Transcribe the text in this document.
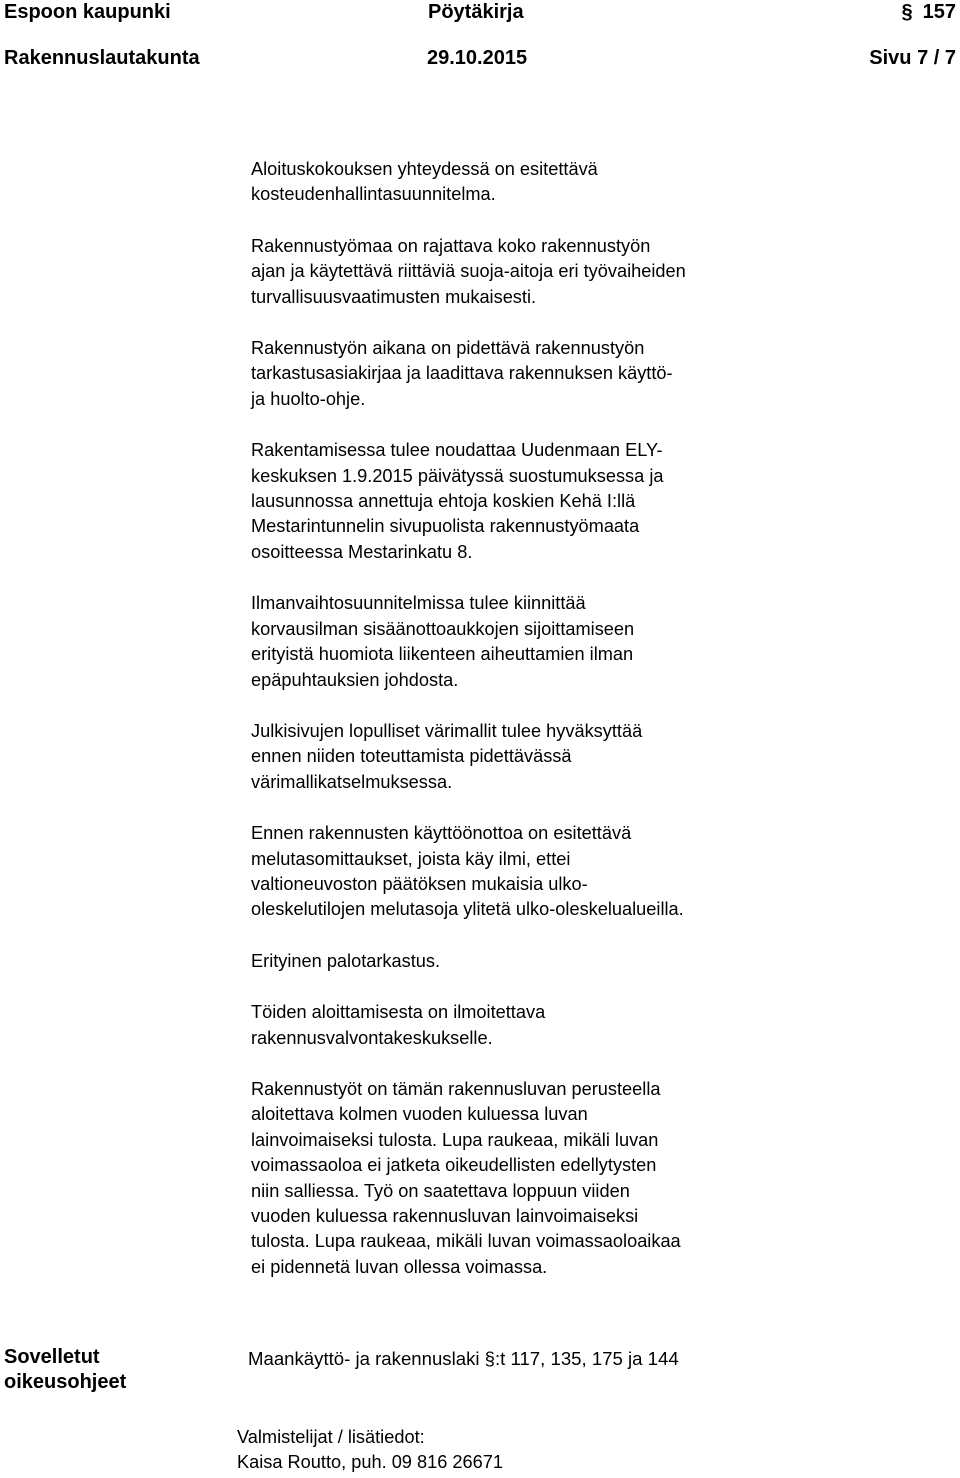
Espoon kaupunki	Pöytäkirja	§ 157
Rakennuslautakunta	29.10.2015	Sivu 7 / 7

Aloituskokouksen yhteydessä on esitettävä
kosteudenhallintasuunnitelma.

Rakennustyömaa on rajattava koko rakennustyön
ajan ja käytettävä riittäviä suoja-aitoja eri työvaiheiden
turvallisuusvaatimusten mukaisesti.

Rakennustyön aikana on pidettävä rakennustyön
tarkastusasiakirjaa ja laadittava rakennuksen käyttö-
ja huolto-ohje.

Rakentamisessa tulee noudattaa Uudenmaan ELY-
keskuksen 1.9.2015 päivätyssä suostumuksessa ja
lausunnossa annettuja ehtoja koskien Kehä I:llä
Mestarintunnelin sivupuolista rakennustyömaata
osoitteessa Mestarinkatu 8.

Ilmanvaihtosuunnitelmissa tulee kiinnittää
korvausilman sisäänottoaukkojen sijoittamiseen
erityistä huomiota liikenteen aiheuttamien ilman
epäpuhtauksien johdosta.

Julkisivujen lopulliset värimallit tulee hyväksyttää
ennen niiden toteuttamista pidettävässä
värimallikatselmuksessa.

Ennen rakennusten käyttöönottoa on esitettävä
melutasomittaukset, joista käy ilmi, ettei
valtioneuvoston päätöksen mukaisia ulko-
oleskelutilojen melutasoja ylitetä ulko-oleskelualueilla.

Erityinen palotarkastus.

Töiden aloittamisesta on ilmoitettava
rakennusvalvontakeskukselle.

Rakennustyöt on tämän rakennusluvan perusteella
aloitettava kolmen vuoden kuluessa luvan
lainvoimaiseksi tulosta. Lupa raukeaa, mikäli luvan
voimassaoloa ei jatketa oikeudellisten edellytysten
niin salliessa. Työ on saatettava loppuun viiden
vuoden kuluessa rakennusluvan lainvoimaiseksi
tulosta. Lupa raukeaa, mikäli luvan voimassaoloaikaa
ei pidennetä luvan ollessa voimassa.

Sovelletut
oikeusohjeet
Maankäyttö- ja rakennuslaki §:t 117, 135, 175 ja 144
Valmistelijat / lisätiedot:
Kaisa Routto, puh. 09 816 26671
